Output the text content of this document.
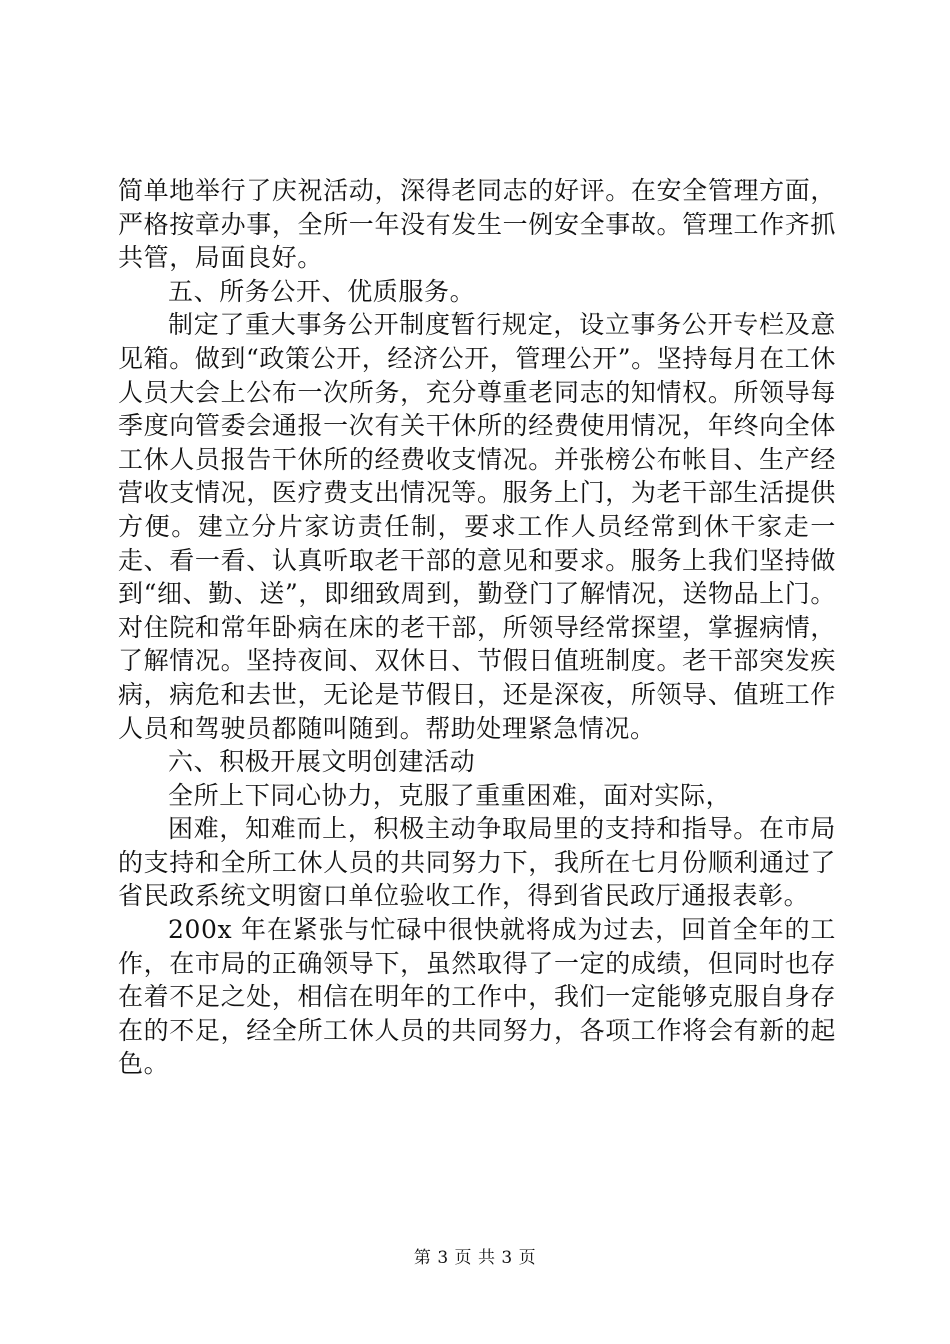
简单地举行了庆祝活动，深得老同志的好评。在安全管理方面，严格按章办事，全所一年没有发生一例安全事故。管理工作齐抓共管，局面良好。

五、所务公开、优质服务。

制定了重大事务公开制度暂行规定，设立事务公开专栏及意见箱。做到“政策公开，经济公开，管理公开”。坚持每月在工休人员大会上公布一次所务，充分尊重老同志的知情权。所领导每季度向管委会通报一次有关干休所的经费使用情况，年终向全体工休人员报告干休所的经费收支情况。并张榜公布帐目、生产经营收支情况，医疗费支出情况等。服务上门，为老干部生活提供方便。建立分片家访责任制，要求工作人员经常到休干家走一走、看一看、认真听取老干部的意见和要求。服务上我们坚持做到“细、勤、送”，即细致周到，勤登门了解情况，送物品上门。对住院和常年卧病在床的老干部，所领导经常探望，掌握病情，了解情况。坚持夜间、双休日、节假日值班制度。老干部突发疾病，病危和去世，无论是节假日，还是深夜，所领导、值班工作人员和驾驶员都随叫随到。帮助处理紧急情况。

六、积极开展文明创建活动

全所上下同心协力，克服了重重困难，面对实际，

困难，知难而上，积极主动争取局里的支持和指导。在市局的支持和全所工休人员的共同努力下，我所在七月份顺利通过了省民政系统文明窗口单位验收工作，得到省民政厅通报表彰。

200x 年在紧张与忙碌中很快就将成为过去，回首全年的工作，在市局的正确领导下，虽然取得了一定的成绩，但同时也存在着不足之处，相信在明年的工作中，我们一定能够克服自身存在的不足，经全所工休人员的共同努力，各项工作将会有新的起色。

第 3 页 共 3 页
